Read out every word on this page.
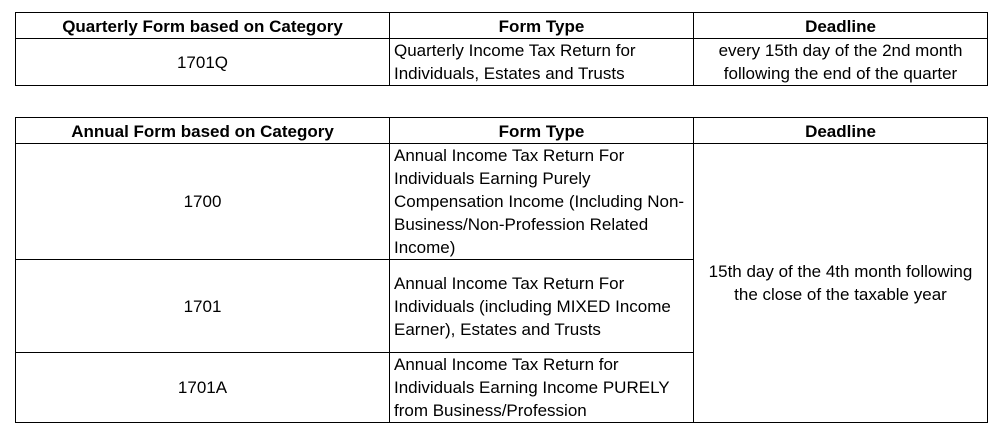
Quarterly Form based on Category	Form Type	Deadline
1701Q	Quarterly Income Tax Return for Individuals, Estates and Trusts	every 15th day of the 2nd month following the end of the quarter
Annual Form based on Category	Form Type	Deadline
1700	Annual Income Tax Return For Individuals Earning Purely Compensation Income (Including Non-Business/Non-Profession Related Income)	15th day of the 4th month following the close of the taxable year
1701	Annual Income Tax Return For Individuals (including MIXED Income Earner), Estates and Trusts	
1701A	Annual Income Tax Return for Individuals Earning Income PURELY from Business/Profession	
